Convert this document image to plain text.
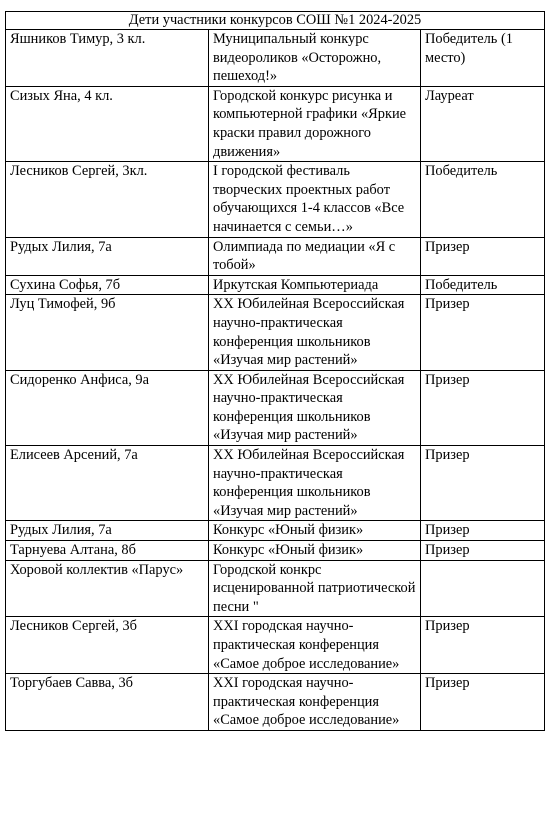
Дети участники конкурсов СОШ №1 2024-2025		
Яшников Тимур, 3 кл.	Муниципальный конкурс видеороликов «Осторожно, пешеход!»	Победитель (1 место)
Сизых Яна, 4 кл.	Городской конкурс рисунка и компьютерной графики «Яркие краски правил дорожного движения»	Лауреат
Лесников Сергей, 3кл.	I городской фестиваль творческих проектных работ обучающихся 1-4 классов «Все начинается с семьи…»	Победитель
Рудых Лилия, 7а	Олимпиада по медиации «Я с тобой»	Призер
Сухина Софья, 7б	Иркутская Компьютериада	Победитель
Луц Тимофей, 9б	XX Юбилейная Всероссийская научно-практическая конференция школьников «Изучая мир растений»	Призер
Сидоренко Анфиса, 9а	XX Юбилейная Всероссийская научно-практическая конференция школьников «Изучая мир растений»	Призер
Елисеев Арсений, 7а	XX Юбилейная Всероссийская научно-практическая конференция школьников «Изучая мир растений»	Призер
Рудых Лилия, 7а	Конкурс «Юный физик»	Призер
Тарнуева Алтана, 8б	Конкурс «Юный физик»	Призер
Хоровой коллектив «Парус»	Городской конкрс исценированной патриотической песни "	
Лесников Сергей, 3б	XXI городская научно-практическая конференция «Самое доброе исследование»	Призер
Торгубаев Савва, 3б	XXI городская научно-практическая конференция «Самое доброе исследование»	Призер
